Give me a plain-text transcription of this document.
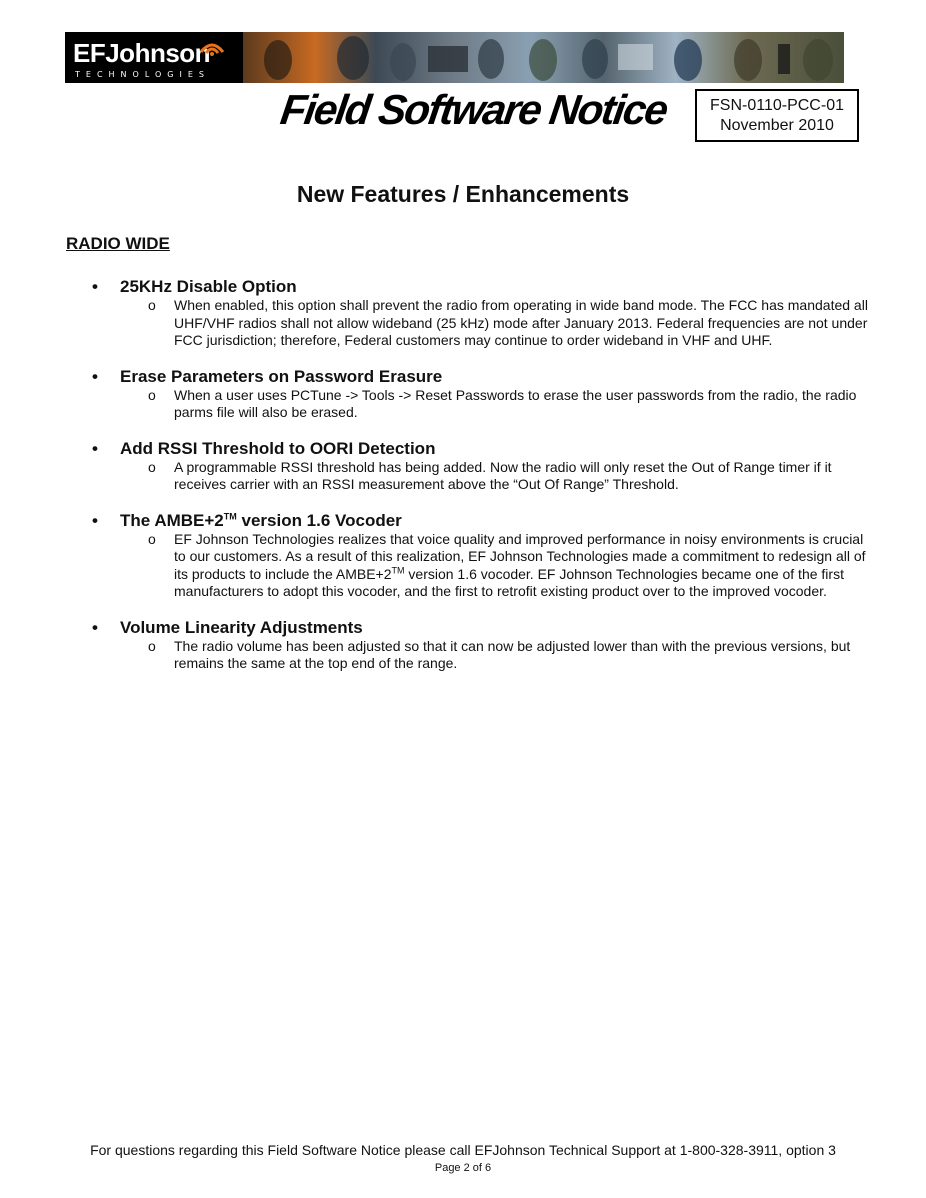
EFJohnson
TECHNOLOGIES
Field Software Notice	FSN-0110-PCC-01
November 2010
New Features / Enhancements
RADIO WIDE
• 25KHz Disable Option
o When enabled, this option shall prevent the radio from operating in wide band mode. The FCC has mandated all UHF/VHF radios shall not allow wideband (25 kHz) mode after January 2013. Federal frequencies are not under FCC jurisdiction; therefore, Federal customers may continue to order wideband in VHF and UHF.
• Erase Parameters on Password Erasure
o When a user uses PCTune -> Tools -> Reset Passwords to erase the user passwords from the radio, the radio parms file will also be erased.
• Add RSSI Threshold to OORI Detection
o A programmable RSSI threshold has being added. Now the radio will only reset the Out of Range timer if it receives carrier with an RSSI measurement above the “Out Of Range” Threshold.
• The AMBE+2™ version 1.6 Vocoder
o EF Johnson Technologies realizes that voice quality and improved performance in noisy environments is crucial to our customers. As a result of this realization, EF Johnson Technologies made a commitment to redesign all of its products to include the AMBE+2™ version 1.6 vocoder. EF Johnson Technologies became one of the first manufacturers to adopt this vocoder, and the first to retrofit existing product over to the improved vocoder.
• Volume Linearity Adjustments
o The radio volume has been adjusted so that it can now be adjusted lower than with the previous versions, but remains the same at the top end of the range.
For questions regarding this Field Software Notice please call EFJohnson Technical Support at 1-800-328-3911, option 3
Page 2 of 6
